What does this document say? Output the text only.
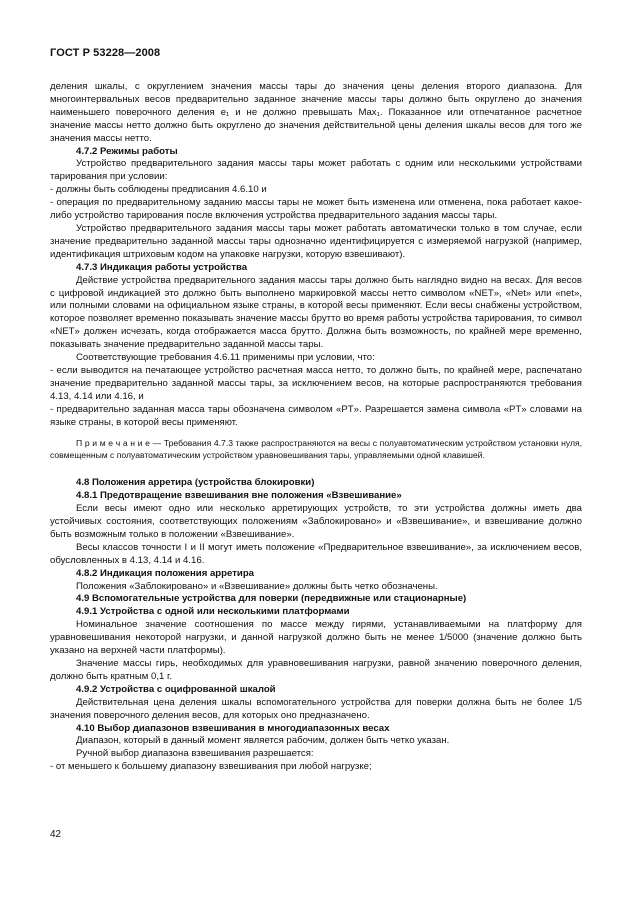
ГОСТ Р 53228—2008

деления шкалы, с округлением значения массы тары до значения цены деления второго диапазона. Для многоинтервальных весов предварительно заданное значение массы тары должно быть округлено до значения наименьшего поверочного деления e₁ и не должно превышать Max₁. Показанное или отпечатанное расчетное значение массы нетто должно быть округлено до значения действительной цены деления шкалы весов для того же значения массы нетто.

4.7.2 Режимы работы

Устройство предварительного задания массы тары может работать с одним или несколькими устройствами тарирования при условии:

- должны быть соблюдены предписания 4.6.10 и

- операция по предварительному заданию массы тары не может быть изменена или отменена, пока работает какое-либо устройство тарирования после включения устройства предварительного задания массы тары.

Устройство предварительного задания массы тары может работать автоматически только в том случае, если значение предварительно заданной массы тары однозначно идентифицируется с измеряемой нагрузкой (например, идентификация штриховым кодом на упаковке нагрузки, которую взвешивают).

4.7.3 Индикация работы устройства

Действие устройства предварительного задания массы тары должно быть наглядно видно на весах. Для весов с цифровой индикацией это должно быть выполнено маркировкой массы нетто символом «NET», «Net» или «net», или полными словами на официальном языке страны, в которой весы применяют. Если весы снабжены устройством, которое позволяет временно показывать значение массы брутто во время работы устройства тарирования, то символ «NET» должен исчезать, когда отображается масса брутто. Должна быть возможность, по крайней мере временно, показывать значение предварительно заданной массы тары.

Соответствующие требования 4.6.11 применимы при условии, что:

- если выводится на печатающее устройство расчетная масса нетто, то должно быть, по крайней мере, распечатано значение предварительно заданной массы тары, за исключением весов, на которые распространяются требования 4.13, 4.14 или 4.16, и

- предварительно заданная масса тары обозначена символом «PT». Разрешается замена символа «PT» словами на языке страны, в которой весы применяют.

П р и м е ч а н и е — Требования 4.7.3 также распространяются на весы с полуавтоматическим устройством установки нуля, совмещенным с полуавтоматическим устройством уравновешивания тары, управляемыми одной клавишей.

4.8 Положения арретира (устройства блокировки)

4.8.1 Предотвращение взвешивания вне положения «Взвешивание»

Если весы имеют одно или несколько арретирующих устройств, то эти устройства должны иметь два устойчивых состояния, соответствующих положениям «Заблокировано» и «Взвешивание», и взвешивание должно быть возможным только в положении «Взвешивание».

Весы классов точности I и II могут иметь положение «Предварительное взвешивание», за исключением весов, обусловленных в 4.13, 4.14 и 4.16.

4.8.2 Индикация положения арретира

Положения «Заблокировано» и «Взвешивание» должны быть четко обозначены.

4.9 Вспомогательные устройства для поверки (передвижные или стационарные)

4.9.1 Устройства с одной или несколькими платформами

Номинальное значение соотношения по массе между гирями, устанавливаемыми на платформу для уравновешивания некоторой нагрузки, и данной нагрузкой должно быть не менее 1/5000 (значение должно быть указано на верхней части платформы).

Значение массы гирь, необходимых для уравновешивания нагрузки, равной значению поверочного деления, должно быть кратным 0,1 г.

4.9.2 Устройства с оцифрованной шкалой

Действительная цена деления шкалы вспомогательного устройства для поверки должна быть не более 1/5 значения поверочного деления весов, для которых оно предназначено.

4.10 Выбор диапазонов взвешивания в многодиапазонных весах

Диапазон, который в данный момент является рабочим, должен быть четко указан.

Ручной выбор диапазона взвешивания разрешается:

- от меньшего к большему диапазону взвешивания при любой нагрузке;

42
